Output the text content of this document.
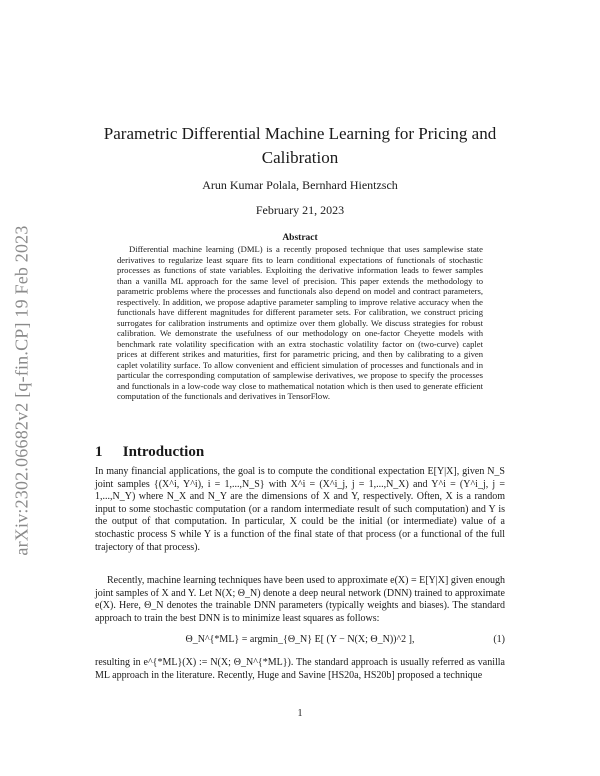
arXiv:2302.06682v2 [q-fin.CP] 19 Feb 2023
Parametric Differential Machine Learning for Pricing and Calibration
Arun Kumar Polala, Bernhard Hientzsch
February 21, 2023
Abstract

Differential machine learning (DML) is a recently proposed technique that uses samplewise state derivatives to regularize least square fits to learn conditional expectations of functionals of stochastic processes as functions of state variables. Exploiting the derivative information leads to fewer samples than a vanilla ML approach for the same level of precision. This paper extends the methodology to parametric problems where the processes and functionals also depend on model and contract parameters, respectively. In addition, we propose adaptive parameter sampling to improve relative accuracy when the functionals have different magnitudes for different parameter sets. For calibration, we construct pricing surrogates for calibration instruments and optimize over them globally. We discuss strategies for robust calibration. We demonstrate the usefulness of our methodology on one-factor Cheyette models with benchmark rate volatility specification with an extra stochastic volatility factor on (two-curve) caplet prices at different strikes and maturities, first for parametric pricing, and then by calibrating to a given caplet volatility surface. To allow convenient and efficient simulation of processes and functionals and in particular the corresponding computation of samplewise derivatives, we propose to specify the processes and functionals in a low-code way close to mathematical notation which is then used to generate efficient computation of the functionals and derivatives in TensorFlow.

1 Introduction

In many financial applications, the goal is to compute the conditional expectation E[Y|X], given N_S joint samples {(X^i, Y^i), i = 1,...,N_S} with X^i = (X^i_j, j = 1,...,N_X) and Y^i = (Y^i_j, j = 1,...,N_Y) where N_X and N_Y are the dimensions of X and Y, respectively. Often, X is a random input to some stochastic computation (or a random intermediate result of such computation) and Y is the output of that computation. In particular, X could be the initial (or intermediate) value of a stochastic process S while Y is a function of the final state of that process (or a functional of the full trajectory of that process).

Recently, machine learning techniques have been used to approximate e(X) = E[Y|X] given enough joint samples of X and Y. Let N(X; Θ_N) denote a deep neural network (DNN) trained to approximate e(X). Here, Θ_N denotes the trainable DNN parameters (typically weights and biases). The standard approach to train the best DNN is to minimize least squares as follows:

Θ_N^{*ML} = argmin_{Θ_N} E[ (Y − N(X; Θ_N))^2 ],	(1)

resulting in e^{*ML}(X) := N(X; Θ_N^{*ML}). The standard approach is usually referred as vanilla ML approach in the literature. Recently, Huge and Savine [HS20a, HS20b] proposed a technique

1
